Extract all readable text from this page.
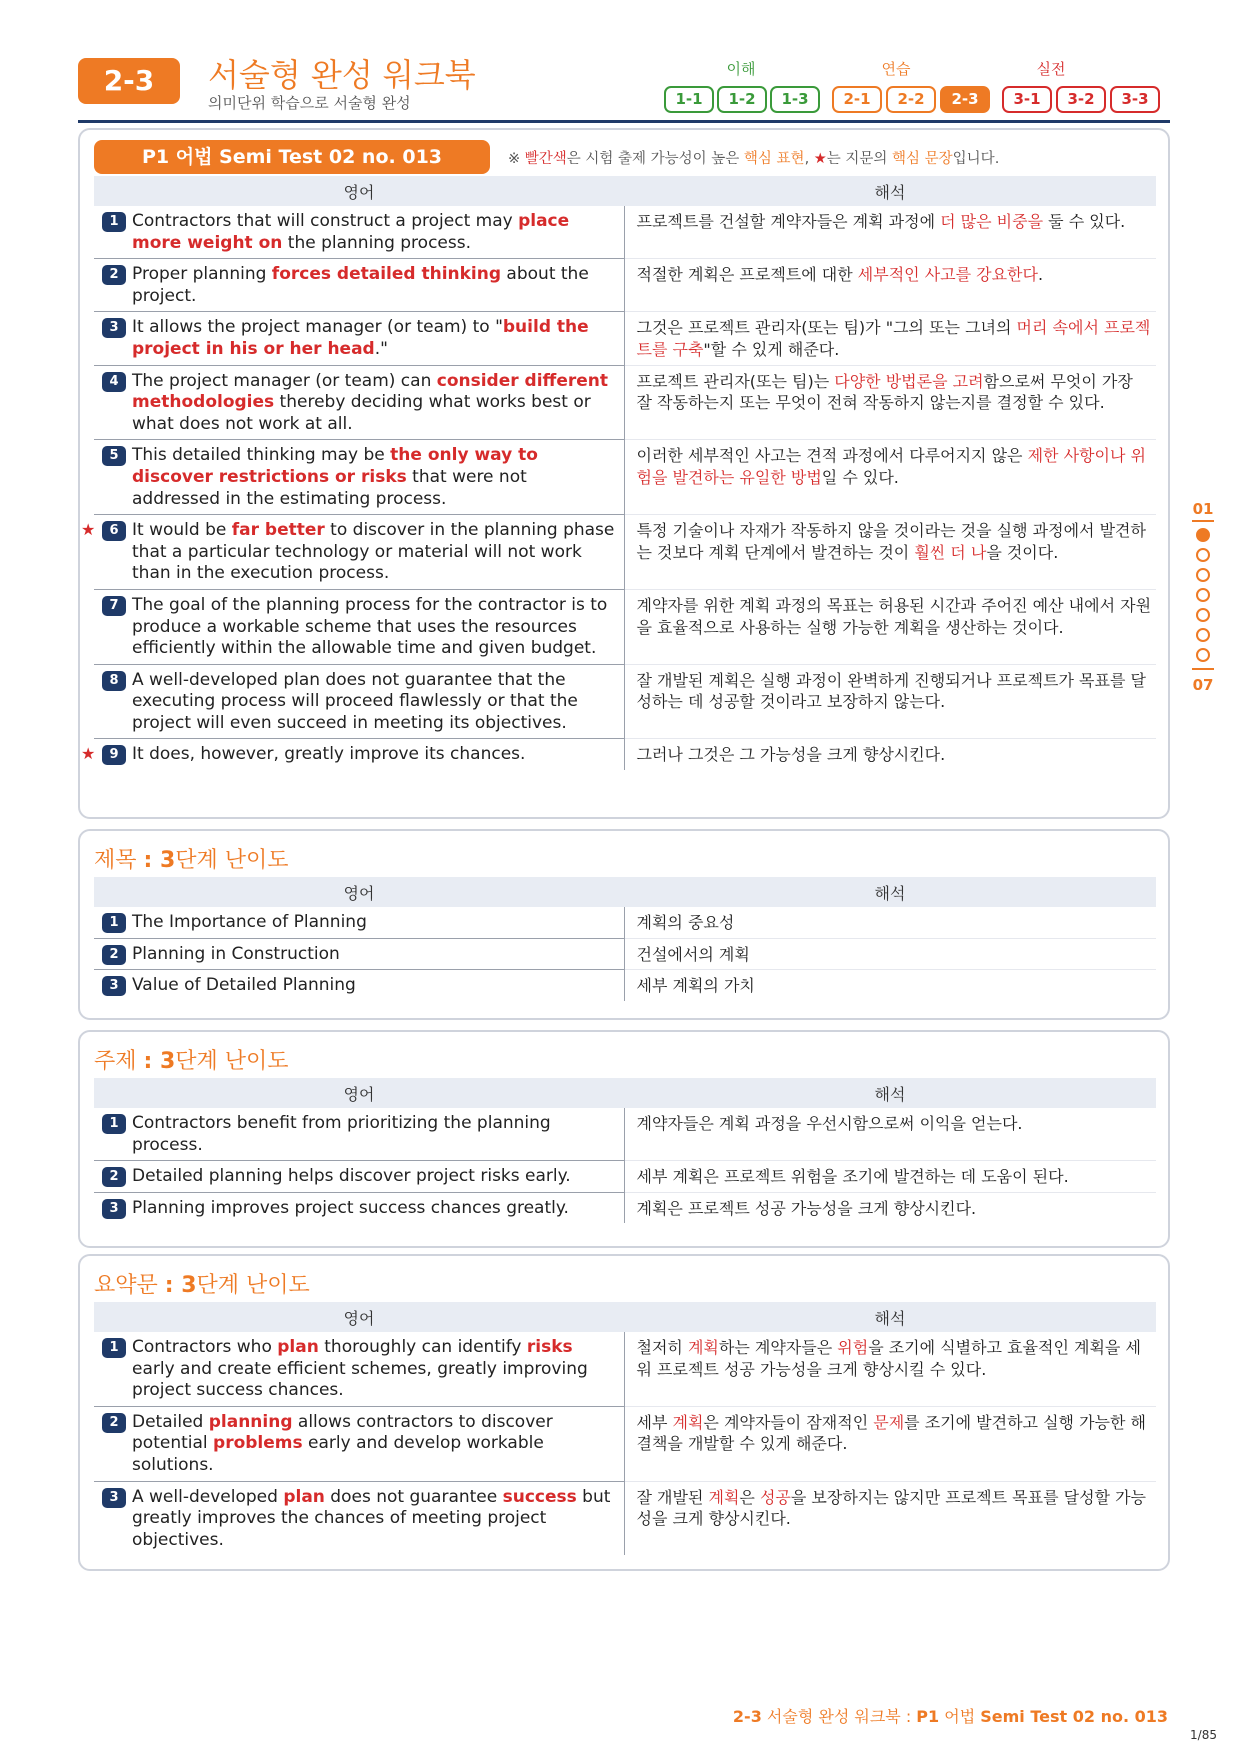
2-3	서술형 완성 워크북
의미단위 학습으로 서술형 완성
이해	연습	실전
1-1	1-2	1-3	2-1	2-2	2-3	3-1	3-2	3-3
P1 어법 Semi Test 02 no. 013	※ 빨간색은 시험 출제 가능성이 높은 핵심 표현, ★는 지문의 핵심 문장입니다.
영어	해석

1 Contractors that will construct a project may place more weight on the planning process.	프로젝트를 건설할 계약자들은 계획 과정에 더 많은 비중을 둘 수 있다.

2 Proper planning forces detailed thinking about the project.	적절한 계획은 프로젝트에 대한 세부적인 사고를 강요한다.

3 It allows the project manager (or team) to "build the project in his or her head."	그것은 프로젝트 관리자(또는 팀)가 "그의 또는 그녀의 머리 속에서 프로젝트를 구축"할 수 있게 해준다.

4 The project manager (or team) can consider different methodologies thereby deciding what works best or what does not work at all.	프로젝트 관리자(또는 팀)는 다양한 방법론을 고려함으로써 무엇이 가장 잘 작동하는지 또는 무엇이 전혀 작동하지 않는지를 결정할 수 있다.

5 This detailed thinking may be the only way to discover restrictions or risks that were not addressed in the estimating process.	이러한 세부적인 사고는 견적 과정에서 다루어지지 않은 제한 사항이나 위험을 발견하는 유일한 방법일 수 있다.

★ 6 It would be far better to discover in the planning phase that a particular technology or material will not work than in the execution process.	특정 기술이나 자재가 작동하지 않을 것이라는 것을 실행 과정에서 발견하는 것보다 계획 단계에서 발견하는 것이 훨씬 더 나을 것이다.

7 The goal of the planning process for the contractor is to produce a workable scheme that uses the resources efficiently within the allowable time and given budget.	계약자를 위한 계획 과정의 목표는 허용된 시간과 주어진 예산 내에서 자원을 효율적으로 사용하는 실행 가능한 계획을 생산하는 것이다.

8 A well-developed plan does not guarantee that the executing process will proceed flawlessly or that the project will even succeed in meeting its objectives.	잘 개발된 계획은 실행 과정이 완벽하게 진행되거나 프로젝트가 목표를 달성하는 데 성공할 것이라고 보장하지 않는다.

★ 9 It does, however, greatly improve its chances.	그러나 그것은 그 가능성을 크게 향상시킨다.
제목 : 3단계 난이도
영어	해석

1 The Importance of Planning	계획의 중요성

2 Planning in Construction	건설에서의 계획

3 Value of Detailed Planning	세부 계획의 가치
주제 : 3단계 난이도
영어	해석

1 Contractors benefit from prioritizing the planning process.	계약자들은 계획 과정을 우선시함으로써 이익을 얻는다.

2 Detailed planning helps discover project risks early.	세부 계획은 프로젝트 위험을 조기에 발견하는 데 도움이 된다.

3 Planning improves project success chances greatly.	계획은 프로젝트 성공 가능성을 크게 향상시킨다.
요약문 : 3단계 난이도
영어	해석

1 Contractors who plan thoroughly can identify risks early and create efficient schemes, greatly improving project success chances.	철저히 계획하는 계약자들은 위험을 조기에 식별하고 효율적인 계획을 세워 프로젝트 성공 가능성을 크게 향상시킬 수 있다.

2 Detailed planning allows contractors to discover potential problems early and develop workable solutions.	세부 계획은 계약자들이 잠재적인 문제를 조기에 발견하고 실행 가능한 해결책을 개발할 수 있게 해준다.

3 A well-developed plan does not guarantee success but greatly improves the chances of meeting project objectives.	잘 개발된 계획은 성공을 보장하지는 않지만 프로젝트 목표를 달성할 가능성을 크게 향상시킨다.
01
07
2-3 서술형 완성 워크북 : P1 어법 Semi Test 02 no. 013
1/85
